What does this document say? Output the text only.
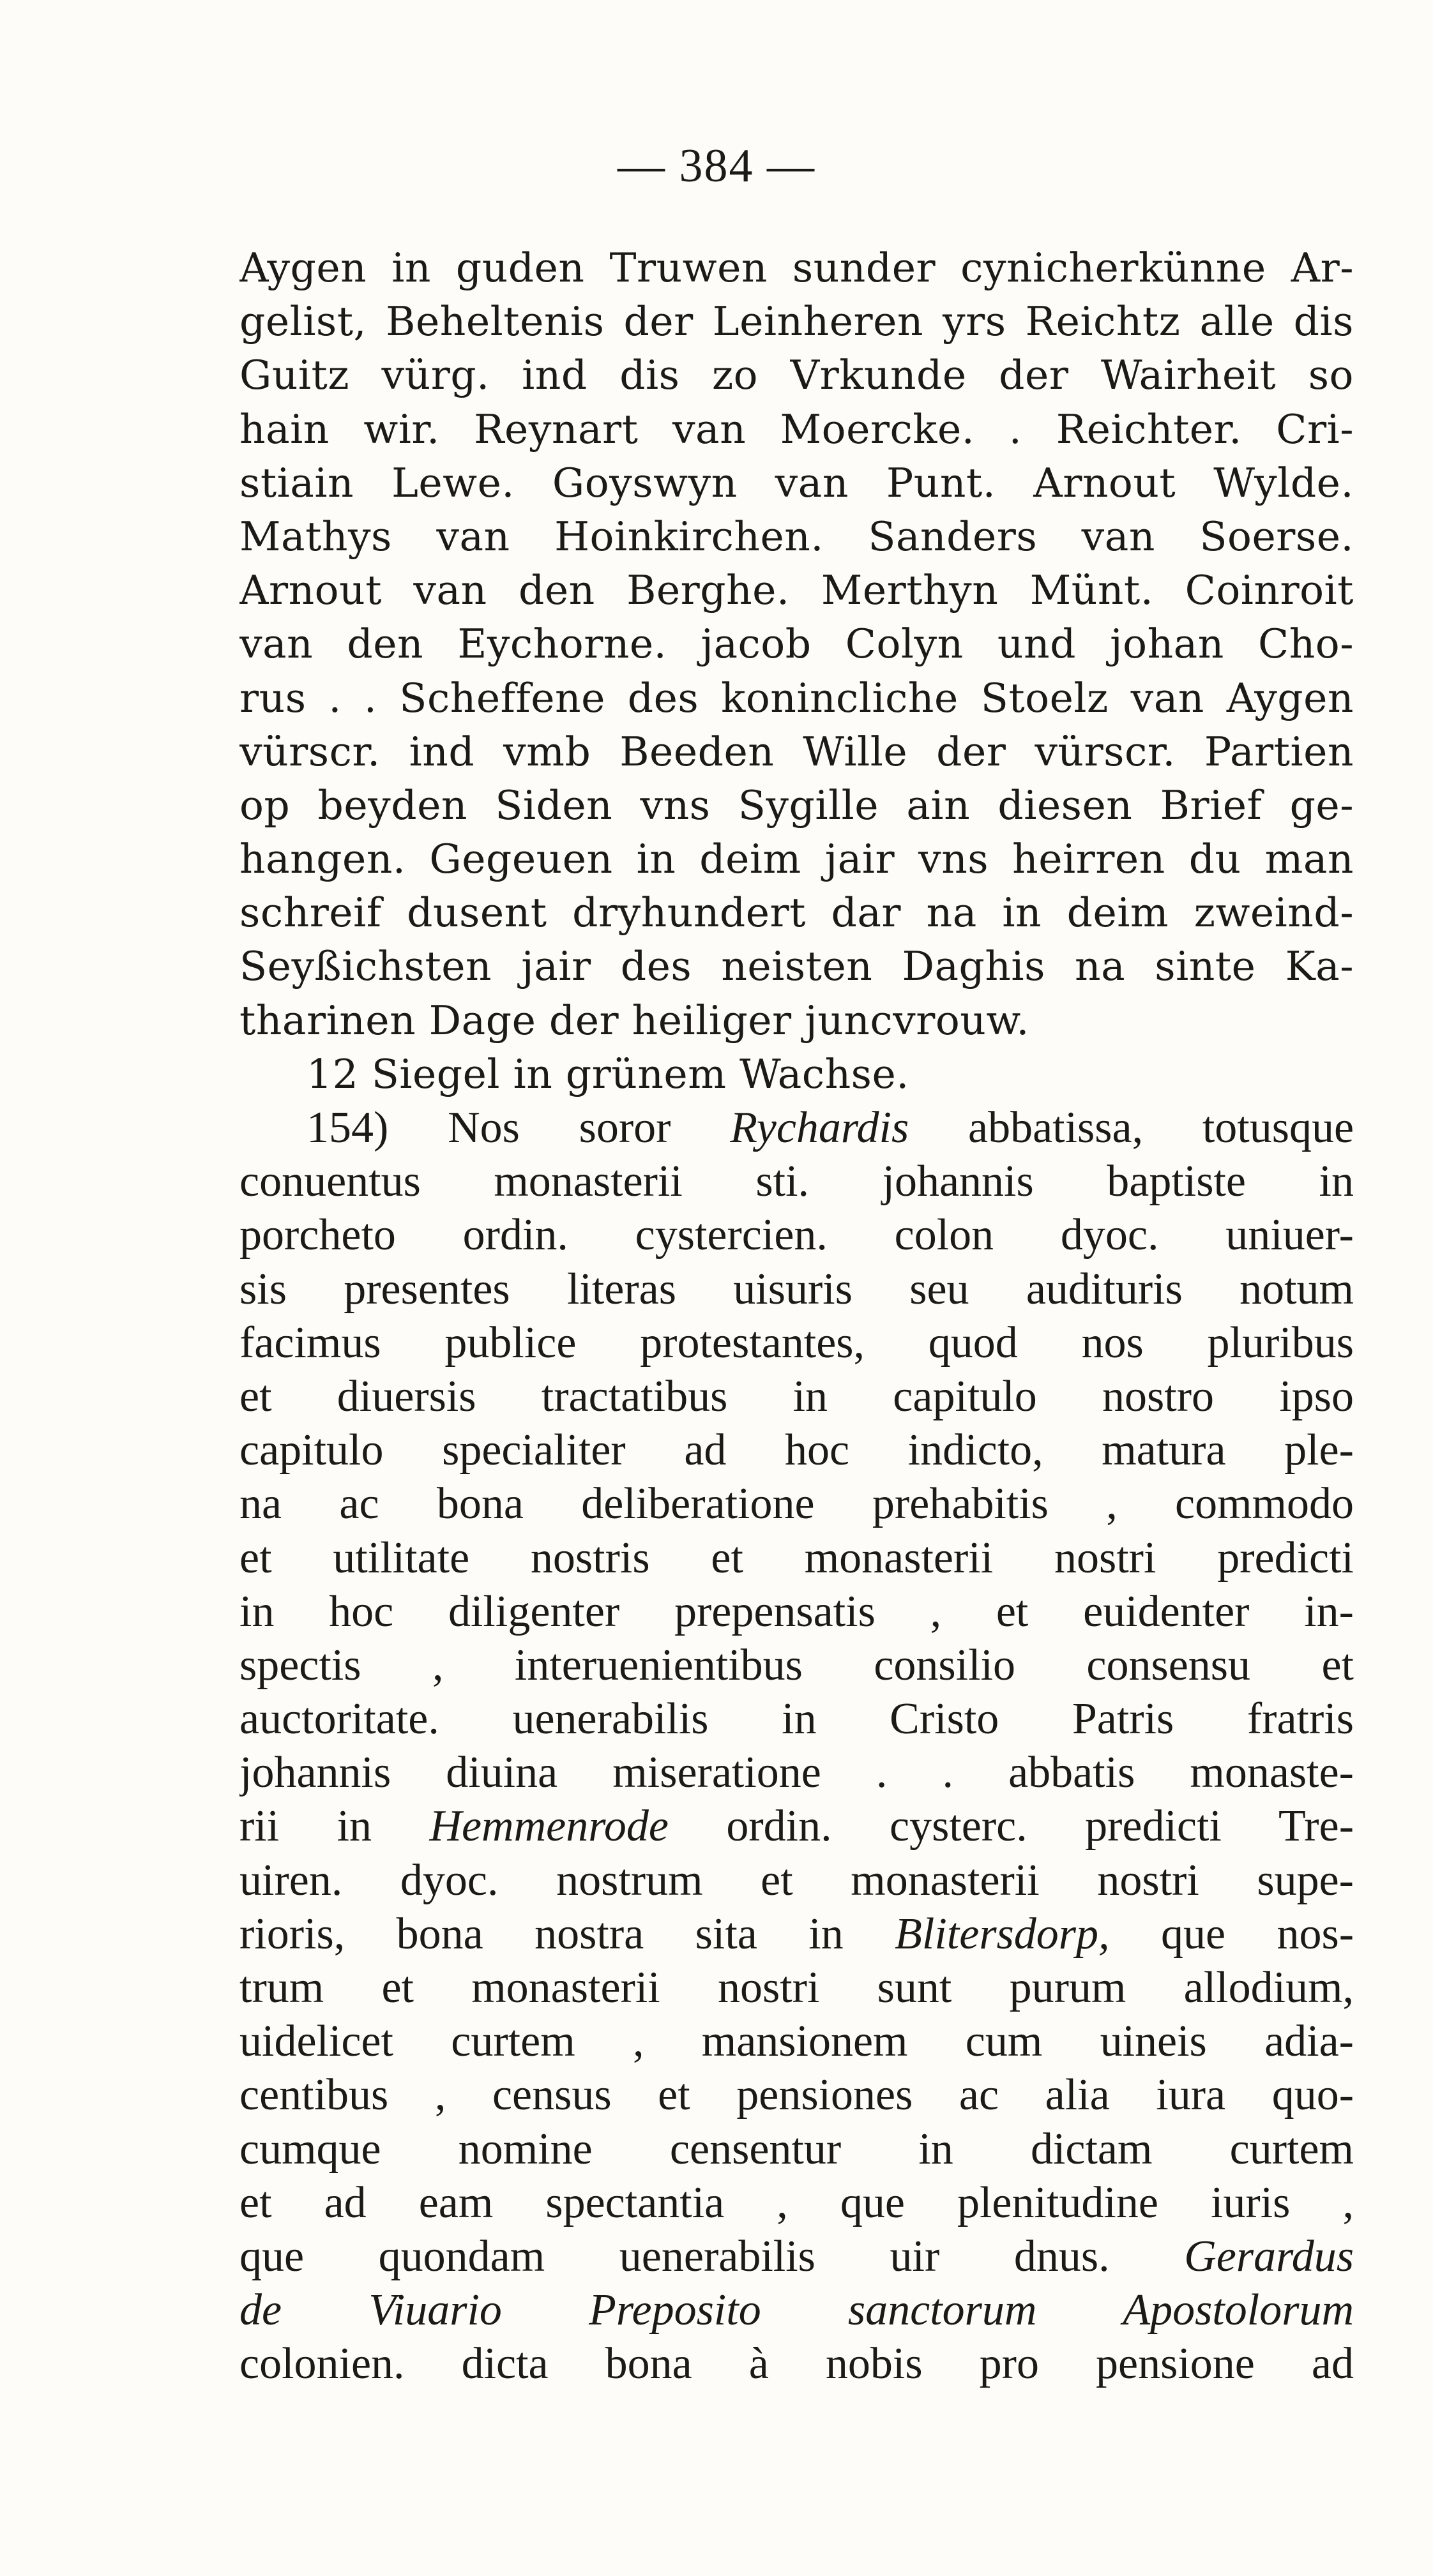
— 384 —
Aygen in guden Truwen sunder cynicherkünne Ar-
gelist, Beheltenis der Leinheren yrs Reichtz alle dis
Guitz vürg. ind dis zo Vrkunde der Wairheit so
hain wir. Reynart van Moercke. . Reichter. Cri-
stiain Lewe. Goyswyn van Punt. Arnout Wylde.
Mathys van Hoinkirchen. Sanders van Soerse.
Arnout van den Berghe. Merthyn Münt. Coinroit
van den Eychorne. jacob Colyn und johan Cho-
rus . . Scheffene des konincliche Stoelz van Aygen
vürscr. ind vmb Beeden Wille der vürscr. Partien
op beyden Siden vns Sygille ain diesen Brief ge-
hangen. Gegeuen in deim jair vns heirren du man
schreif dusent dryhundert dar na in deim zweind-
Seyßichsten jair des neisten Daghis na sinte Ka-
tharinen Dage der heiliger juncvrouw.
12 Siegel in grünem Wachse.
154) Nos soror Rychardis abbatissa, totusque
conuentus monasterii sti. johannis baptiste in
porcheto ordin. cystercien. colon dyoc. uniuer-
sis presentes literas uisuris seu audituris notum
facimus publice protestantes, quod nos pluribus
et diuersis tractatibus in capitulo nostro ipso
capitulo specialiter ad hoc indicto, matura ple-
na ac bona deliberatione prehabitis , commodo
et utilitate nostris et monasterii nostri predicti
in hoc diligenter prepensatis , et euidenter in-
spectis , interuenientibus consilio consensu et
auctoritate. uenerabilis in Cristo Patris fratris
johannis diuina miseratione . . abbatis monaste-
rii in Hemmenrode ordin. cysterc. predicti Tre-
uiren. dyoc. nostrum et monasterii nostri supe-
rioris, bona nostra sita in Blitersdorp, que nos-
trum et monasterii nostri sunt purum allodium,
uidelicet curtem , mansionem cum uineis adia-
centibus , census et pensiones ac alia iura quo-
cumque nomine censentur in dictam curtem
et ad eam spectantia , que plenitudine iuris ,
que quondam uenerabilis uir dnus. Gerardus
de Viuario Preposito sanctorum Apostolorum
colonien. dicta bona à nobis pro pensione ad
